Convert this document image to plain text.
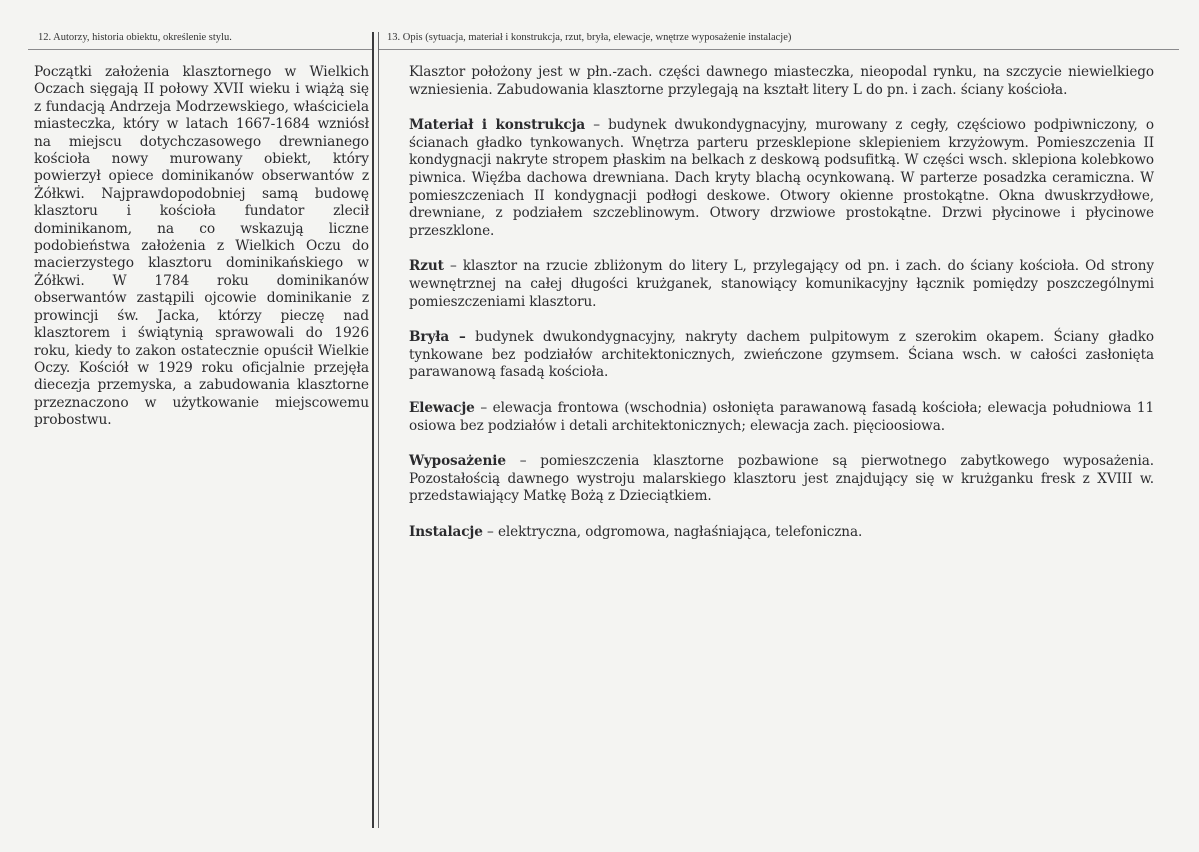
12. Autorzy, historia obiektu, określenie stylu.
Początki założenia klasztornego w Wielkich Oczach sięgają II połowy XVII wieku i wiążą się z fundacją Andrzeja Modrzewskiego, właściciela miasteczka, który w latach 1667-1684 wzniósł na miejscu dotychczasowego drewnianego kościoła nowy murowany obiekt, który powierzył opiece dominikanów obserwantów z Żółkwi. Najprawdopodobniej samą budowę klasztoru i kościoła fundator zlecił dominikanom, na co wskazują liczne podobieństwa założenia z Wielkich Oczu do macierzystego klasztoru dominikańskiego w Żółkwi. W 1784 roku dominikanów obserwantów zastąpili ojcowie dominikanie z prowincji św. Jacka, którzy pieczę nad klasztorem i świątynią sprawowali do 1926 roku, kiedy to zakon ostatecznie opuścił Wielkie Oczy. Kościół w 1929 roku oficjalnie przejęła diecezja przemyska, a zabudowania klasztorne przeznaczono w użytkowanie miejscowemu probostwu.
13. Opis (sytuacja, materiał i konstrukcja, rzut, bryła, elewacje, wnętrze wyposażenie instalacje)

Klasztor położony jest w płn.-zach. części dawnego miasteczka, nieopodal rynku, na szczycie niewielkiego wzniesienia. Zabudowania klasztorne przylegają na kształt litery L do pn. i zach. ściany kościoła.

Materiał i konstrukcja – budynek dwukondygnacyjny, murowany z cegły, częściowo podpiwniczony, o ścianach gładko tynkowanych. Wnętrza parteru przesklepione sklepieniem krzyżowym. Pomieszczenia II kondygnacji nakryte stropem płaskim na belkach z deskową podsufitką. W części wsch. sklepiona kolebkowo piwnica. Więźba dachowa drewniana. Dach kryty blachą ocynkowaną. W parterze posadzka ceramiczna. W pomieszczeniach II kondygnacji podłogi deskowe. Otwory okienne prostokątne. Okna dwuskrzydłowe, drewniane, z podziałem szczeblinowym. Otwory drzwiowe prostokątne. Drzwi płycinowe i płycinowe przeszklone.

Rzut – klasztor na rzucie zbliżonym do litery L, przylegający od pn. i zach. do ściany kościoła. Od strony wewnętrznej na całej długości krużganek, stanowiący komunikacyjny łącznik pomiędzy poszczególnymi pomieszczeniami klasztoru.

Bryła – budynek dwukondygnacyjny, nakryty dachem pulpitowym z szerokim okapem. Ściany gładko tynkowane bez podziałów architektonicznych, zwieńczone gzymsem. Ściana wsch. w całości zasłonięta parawanową fasadą kościoła.

Elewacje – elewacja frontowa (wschodnia) osłonięta parawanową fasadą kościoła; elewacja południowa 11 osiowa bez podziałów i detali architektonicznych; elewacja zach. pięcioosiowa.

Wyposażenie – pomieszczenia klasztorne pozbawione są pierwotnego zabytkowego wyposażenia. Pozostałością dawnego wystroju malarskiego klasztoru jest znajdujący się w krużganku fresk z XVIII w. przedstawiający Matkę Bożą z Dzieciątkiem.

Instalacje – elektryczna, odgromowa, nagłaśniająca, telefoniczna.
